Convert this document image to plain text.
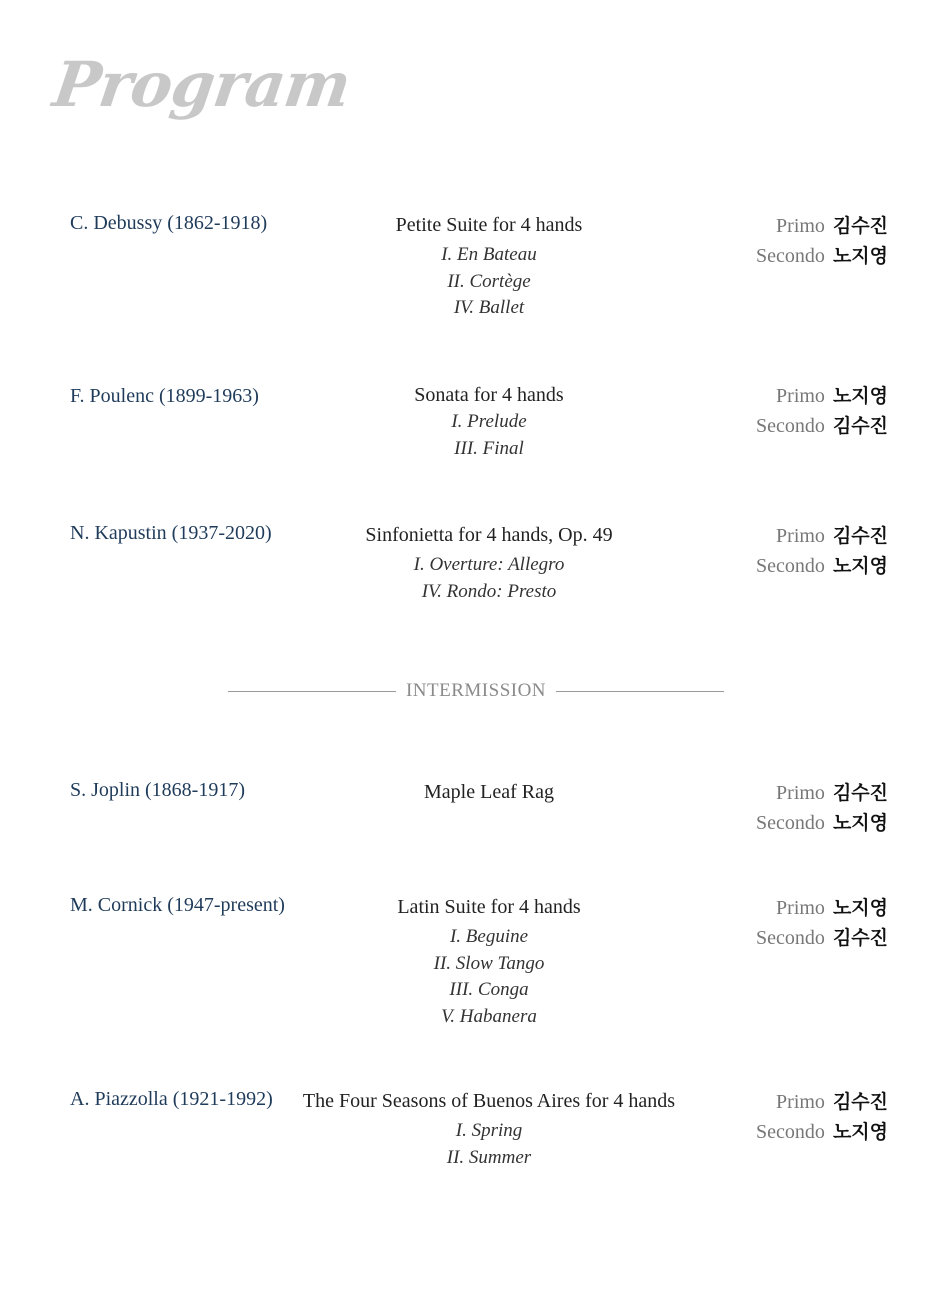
Program
C. Debussy (1862-1918)	Petite Suite for 4 hands
I. En Bateau
II. Cortège
IV. Ballet
Primo 김수진
Secondo 노지영
F. Poulenc (1899-1963)	Sonata for 4 hands
I. Prelude
III. Final
Primo 노지영
Secondo 김수진
N. Kapustin (1937-2020)	Sinfonietta for 4 hands, Op. 49
I. Overture: Allegro
IV. Rondo: Presto
Primo 김수진
Secondo 노지영
INTERMISSION
S. Joplin (1868-1917)	Maple Leaf Rag	Primo 김수진
Secondo 노지영
M. Cornick (1947-present)	Latin Suite for 4 hands
I. Beguine
II. Slow Tango
III. Conga
V. Habanera
Primo 노지영
Secondo 김수진
A. Piazzolla (1921-1992)	The Four Seasons of Buenos Aires for 4 hands
I. Spring
II. Summer
Primo 김수진
Secondo 노지영
